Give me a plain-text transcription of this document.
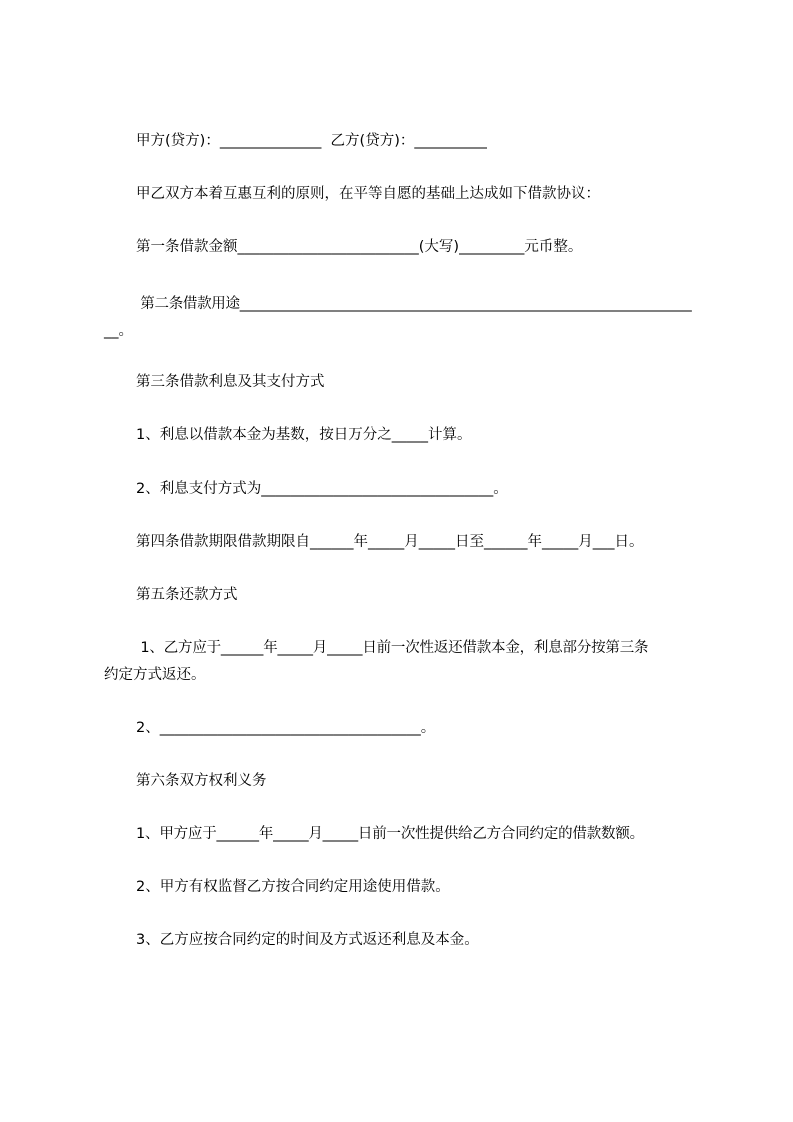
甲方(贷方)：______________  乙方(贷方)：__________
甲乙双方本着互惠互利的原则，在平等自愿的基础上达成如下借款协议：
第一条借款金额_________________________(大写)_________元币整。
第二条借款用途_________________________________________________________________
__。
第三条借款利息及其支付方式
1、利息以借款本金为基数，按日万分之_____计算。
2、利息支付方式为________________________________。
第四条借款期限借款期限自______年_____月_____日至______年_____月___日。
第五条还款方式
1、乙方应于______年_____月_____日前一次性返还借款本金，利息部分按第三条
约定方式返还。
2、____________________________________。
第六条双方权利义务
1、甲方应于______年_____月_____日前一次性提供给乙方合同约定的借款数额。
2、甲方有权监督乙方按合同约定用途使用借款。
3、乙方应按合同约定的时间及方式返还利息及本金。
